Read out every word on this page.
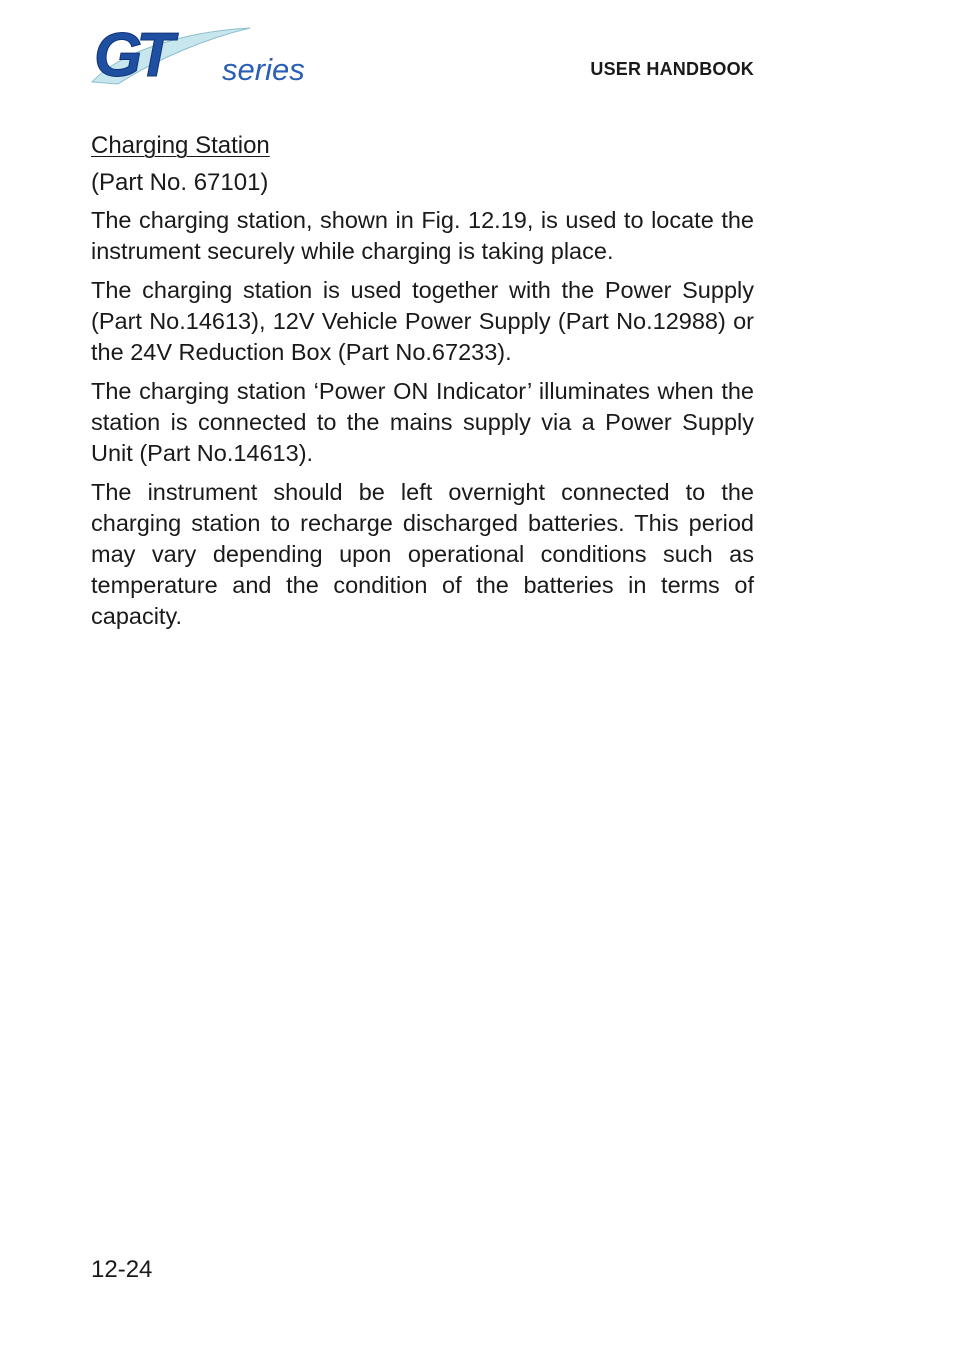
GT	series	USER HANDBOOK
Charging Station
(Part No. 67101)

The charging station, shown in Fig. 12.19, is used to locate the instrument securely while charging is taking place.

The charging station is used together with the Power Supply (Part No.14613), 12V Vehicle Power Supply (Part No.12988) or the 24V Reduction Box (Part No.67233).

The charging station ‘Power ON Indicator’ illuminates when the station is connected to the mains supply via a Power Supply Unit (Part No.14613).

The instrument should be left overnight connected to the charging station to recharge discharged batteries. This period may vary depending upon operational conditions such as temperature and the condition of the batteries in terms of capacity.

12-24
